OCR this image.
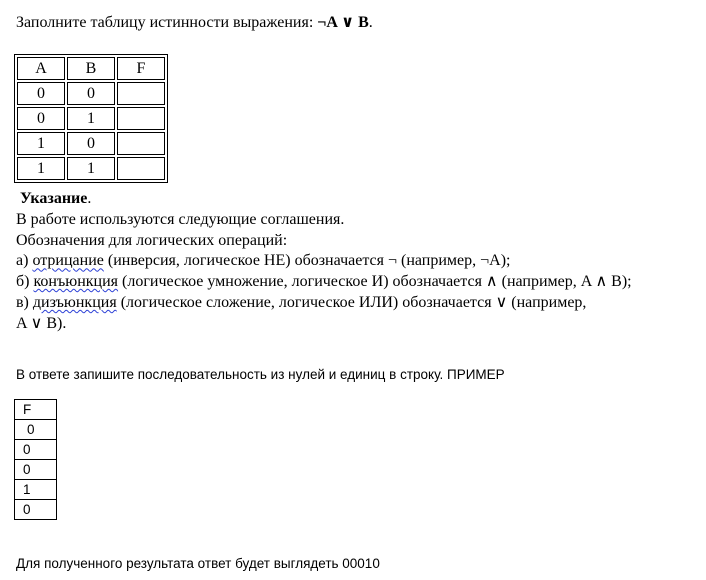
Заполните таблицу истинности выражения: ¬A ∨ B.
A	B	F
0	0	
0	1	
1	0	
1	1	
Указание.
В работе используются следующие соглашения.
Обозначения для логических операций:
а) отрицание (инверсия, логическое НЕ) обозначается ¬ (например, ¬A);
б) конъюнкция (логическое умножение, логическое И) обозначается ∧ (например, A ∧ B);
в) дизъюнкция (логическое сложение, логическое ИЛИ) обозначается ∨ (например,
A ∨ B).
В ответе запишите последовательность из нулей и единиц в строку. ПРИМЕР
F
0
0
0
1
0
Для полученного результата ответ будет выглядеть 00010
